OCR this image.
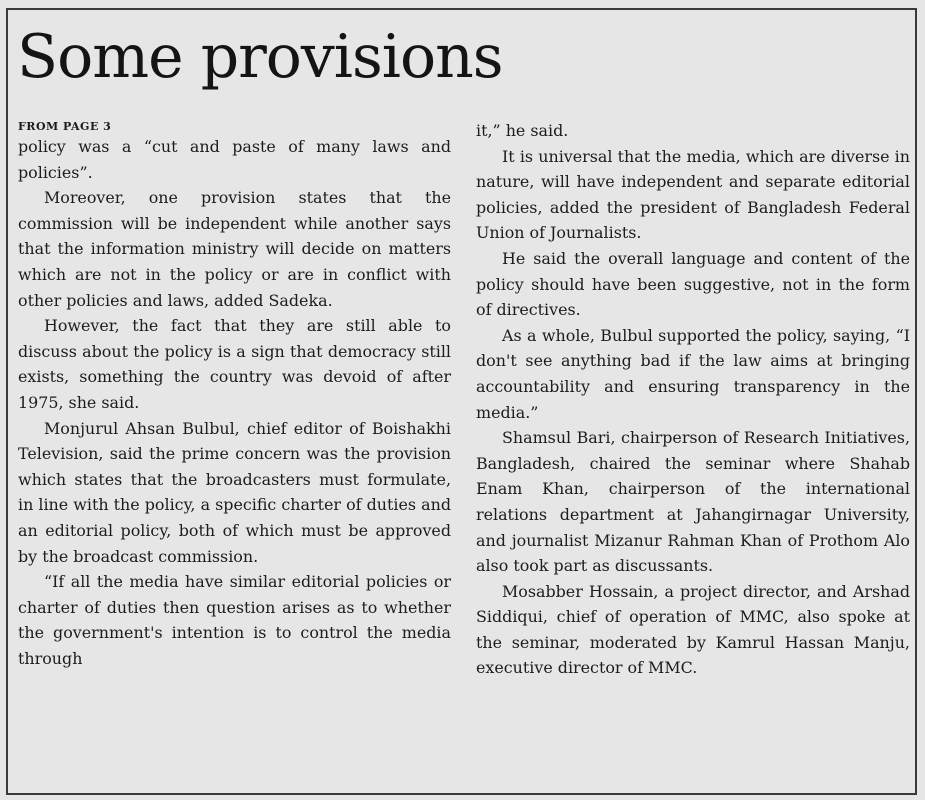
Some provisions
FROM PAGE 3

policy was a “cut and paste of many laws and policies”.

Moreover, one provision states that the commission will be independent while another says that the information ministry will decide on matters which are not in the policy or are in conflict with other policies and laws, added Sadeka.

However, the fact that they are still able to discuss about the policy is a sign that democracy still exists, something the country was devoid of after 1975, she said.

Monjurul Ahsan Bulbul, chief editor of Boishakhi Television, said the prime concern was the provision which states that the broadcasters must formulate, in line with the policy, a specific charter of duties and an editorial policy, both of which must be approved by the broadcast commission.

“If all the media have similar editorial policies or charter of duties then question arises as to whether the government's intention is to control the media through

it,” he said.

It is universal that the media, which are diverse in nature, will have independent and separate editorial policies, added the president of Bangladesh Federal Union of Journalists.

He said the overall language and content of the policy should have been suggestive, not in the form of directives.

As a whole, Bulbul supported the policy, saying, “I don't see anything bad if the law aims at bringing accountability and ensuring transparency in the media.”

Shamsul Bari, chairperson of Research Initiatives, Bangladesh, chaired the seminar where Shahab Enam Khan, chairperson of the international relations department at Jahangirnagar University, and journalist Mizanur Rahman Khan of Prothom Alo also took part as discussants.

Mosabber Hossain, a project director, and Arshad Siddiqui, chief of operation of MMC, also spoke at the seminar, moderated by Kamrul Hassan Manju, executive director of MMC.
